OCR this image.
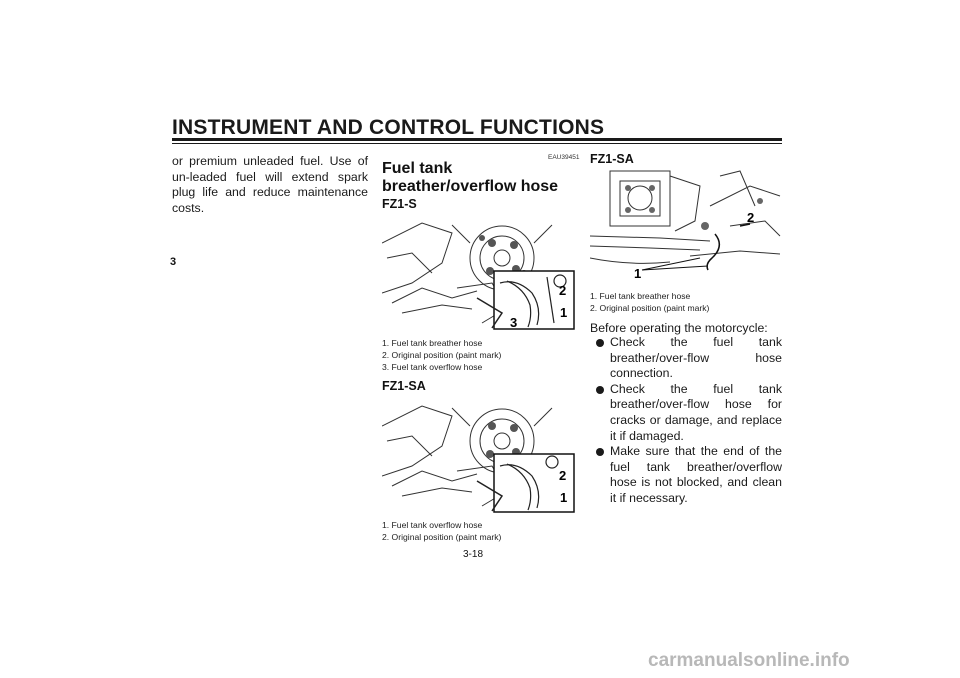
INSTRUMENT AND CONTROL FUNCTIONS
3
or premium unleaded fuel. Use of un-leaded fuel will extend spark plug life and reduce maintenance costs.
EAU39451
Fuel tank breather/overflow hose
FZ1-S
2
1
3
1. Fuel tank breather hose
2. Original position (paint mark)
3. Fuel tank overflow hose
FZ1-SA
2
1
1. Fuel tank overflow hose
2. Original position (paint mark)
FZ1-SA
1
2
1. Fuel tank breather hose
2. Original position (paint mark)
Before operating the motorcycle:
Check the fuel tank breather/over-flow hose connection.
Check the fuel tank breather/over-flow hose for cracks or damage, and replace it if damaged.
Make sure that the end of the fuel tank breather/overflow hose is not blocked, and clean it if necessary.
3-18
carmanualsonline.info
